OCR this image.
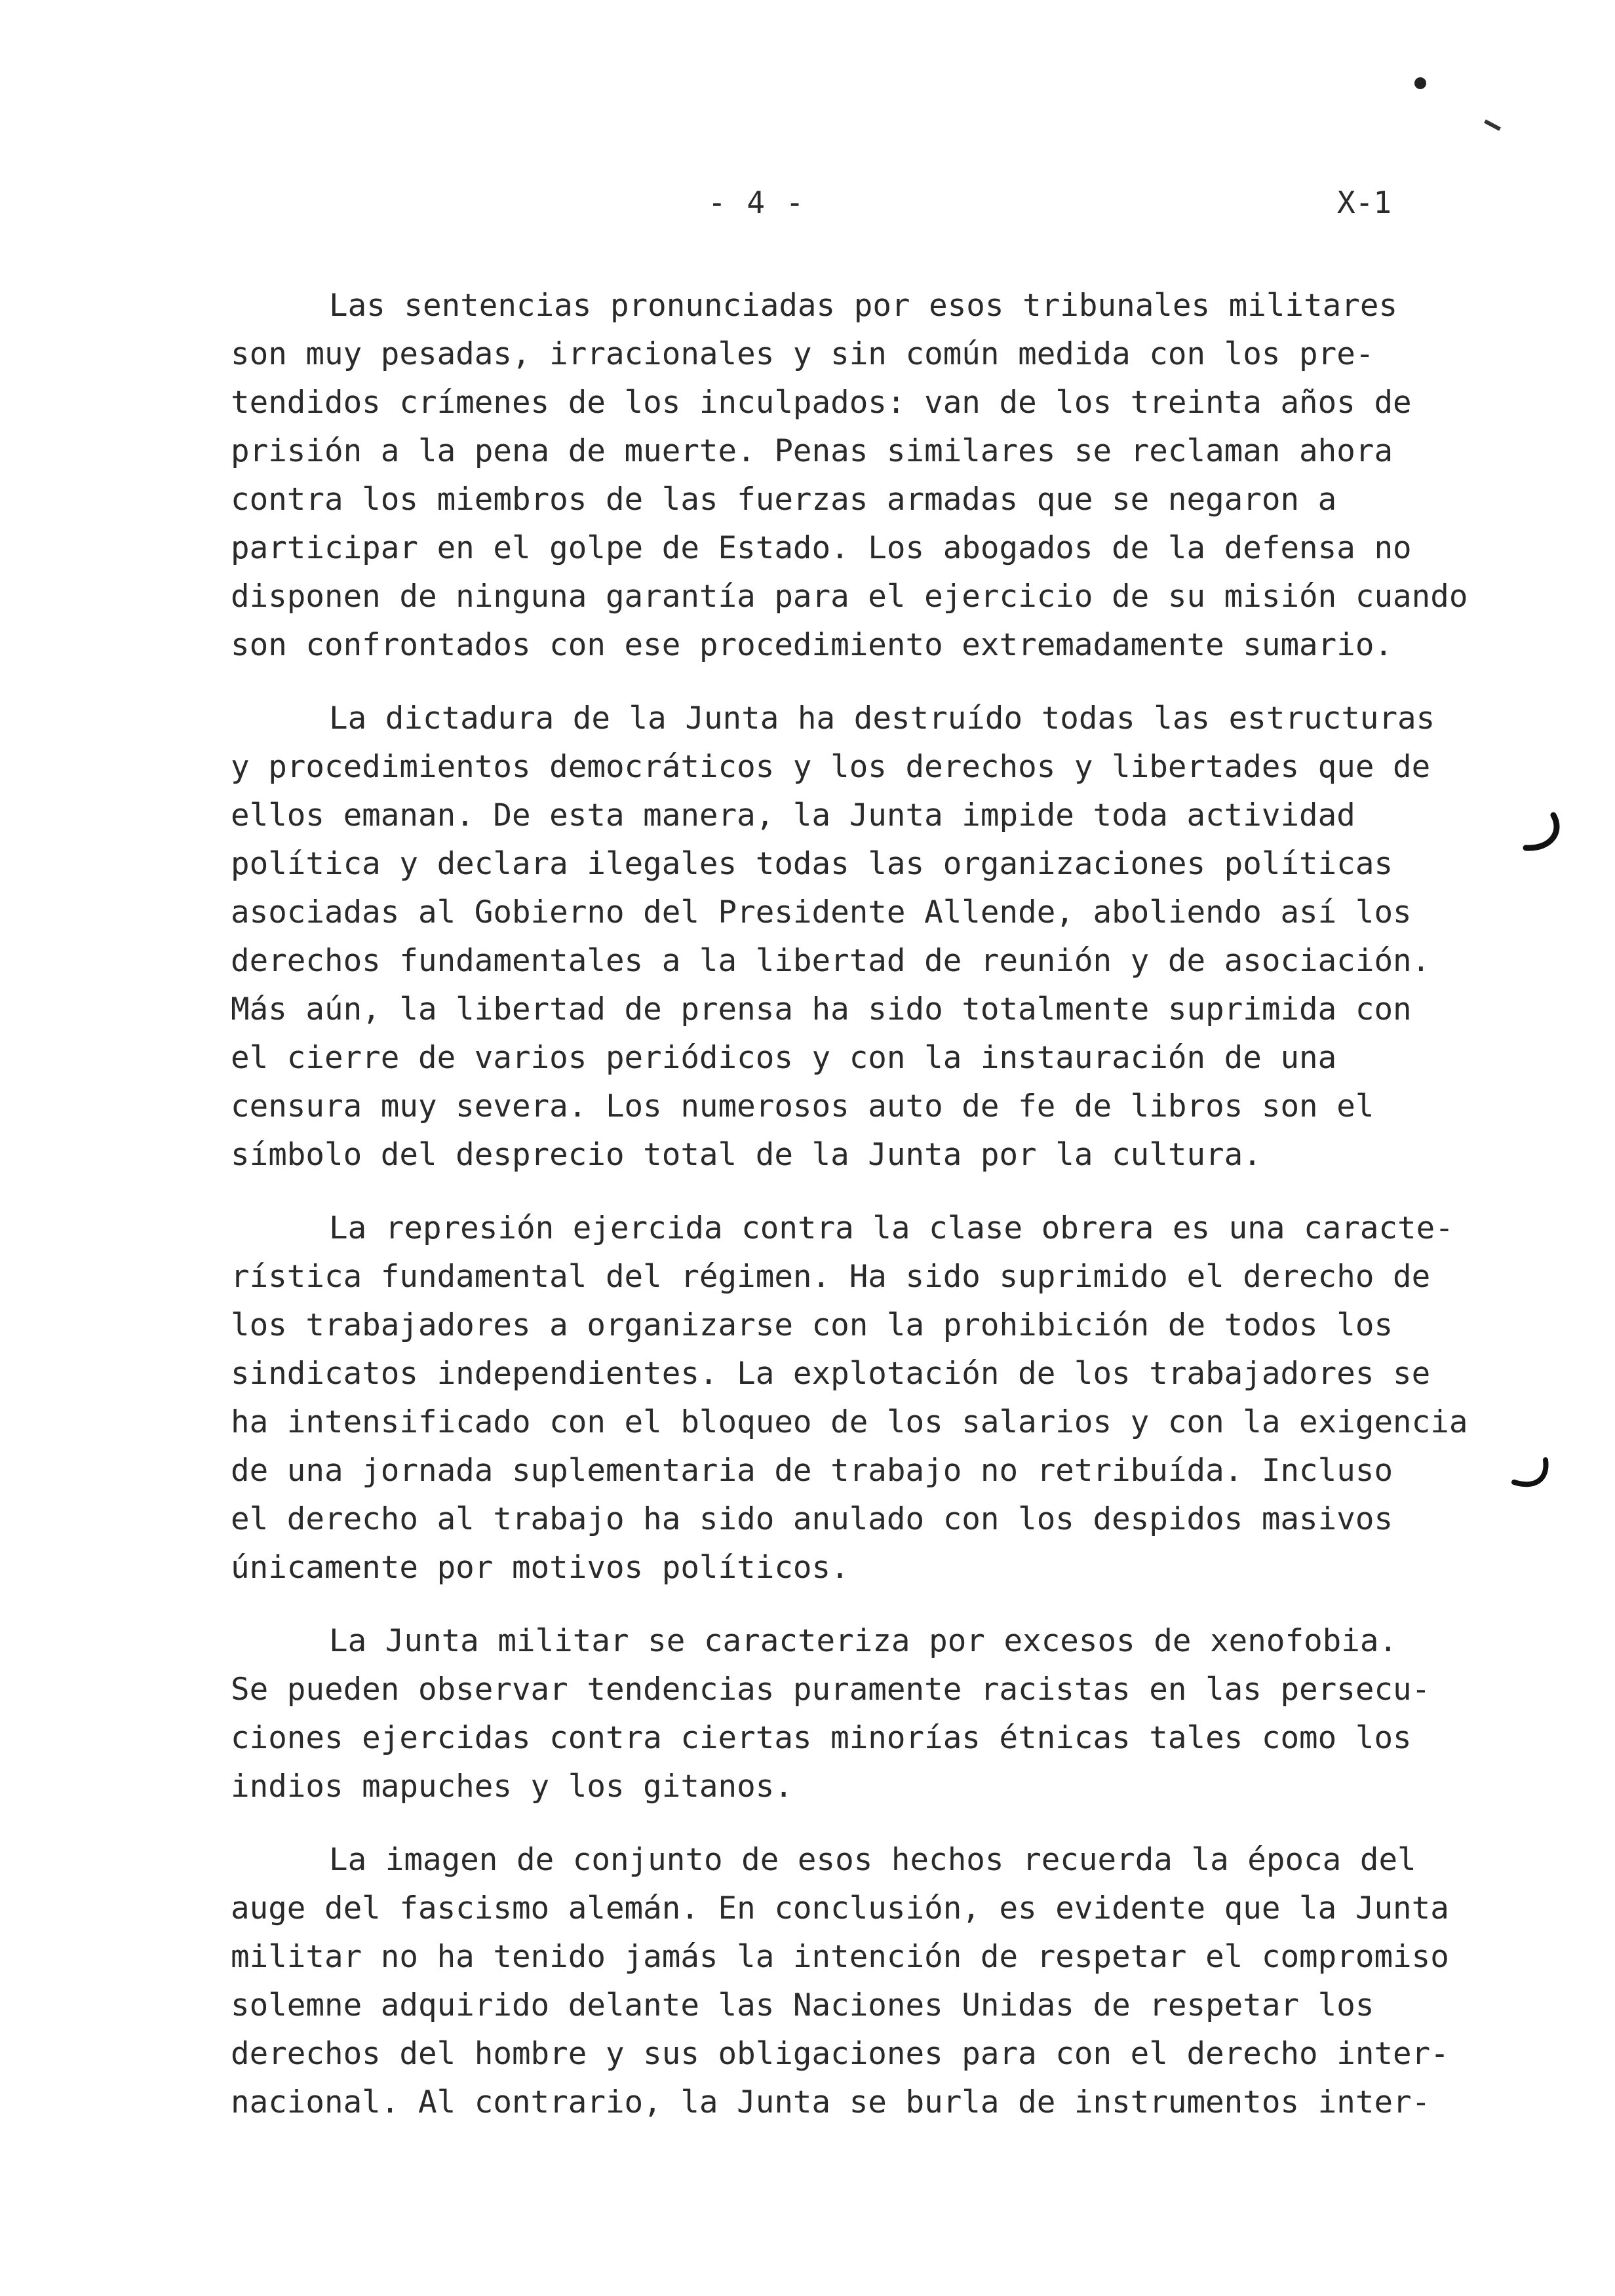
- 4 -	X-1

Las sentencias pronunciadas por esos tribunales militares
son muy pesadas, irracionales y sin común medida con los pre-
tendidos crímenes de los inculpados: van de los treinta años de
prisión a la pena de muerte. Penas similares se reclaman ahora
contra los miembros de las fuerzas armadas que se negaron a
participar en el golpe de Estado. Los abogados de la defensa no
disponen de ninguna garantía para el ejercicio de su misión cuando
son confrontados con ese procedimiento extremadamente sumario.

La dictadura de la Junta ha destruído todas las estructuras
y procedimientos democráticos y los derechos y libertades que de
ellos emanan. De esta manera, la Junta impide toda actividad
política y declara ilegales todas las organizaciones políticas
asociadas al Gobierno del Presidente Allende, aboliendo así los
derechos fundamentales a la libertad de reunión y de asociación.
Más aún, la libertad de prensa ha sido totalmente suprimida con
el cierre de varios periódicos y con la instauración de una
censura muy severa. Los numerosos auto de fe de libros son el
símbolo del desprecio total de la Junta por la cultura.

La represión ejercida contra la clase obrera es una caracte-
rística fundamental del régimen. Ha sido suprimido el derecho de
los trabajadores a organizarse con la prohibición de todos los
sindicatos independientes. La explotación de los trabajadores se
ha intensificado con el bloqueo de los salarios y con la exigencia
de una jornada suplementaria de trabajo no retribuída. Incluso
el derecho al trabajo ha sido anulado con los despidos masivos
únicamente por motivos políticos.

La Junta militar se caracteriza por excesos de xenofobia.
Se pueden observar tendencias puramente racistas en las persecu-
ciones ejercidas contra ciertas minorías étnicas tales como los
indios mapuches y los gitanos.

La imagen de conjunto de esos hechos recuerda la época del
auge del fascismo alemán. En conclusión, es evidente que la Junta
militar no ha tenido jamás la intención de respetar el compromiso
solemne adquirido delante las Naciones Unidas de respetar los
derechos del hombre y sus obligaciones para con el derecho inter-
nacional. Al contrario, la Junta se burla de instrumentos inter-
